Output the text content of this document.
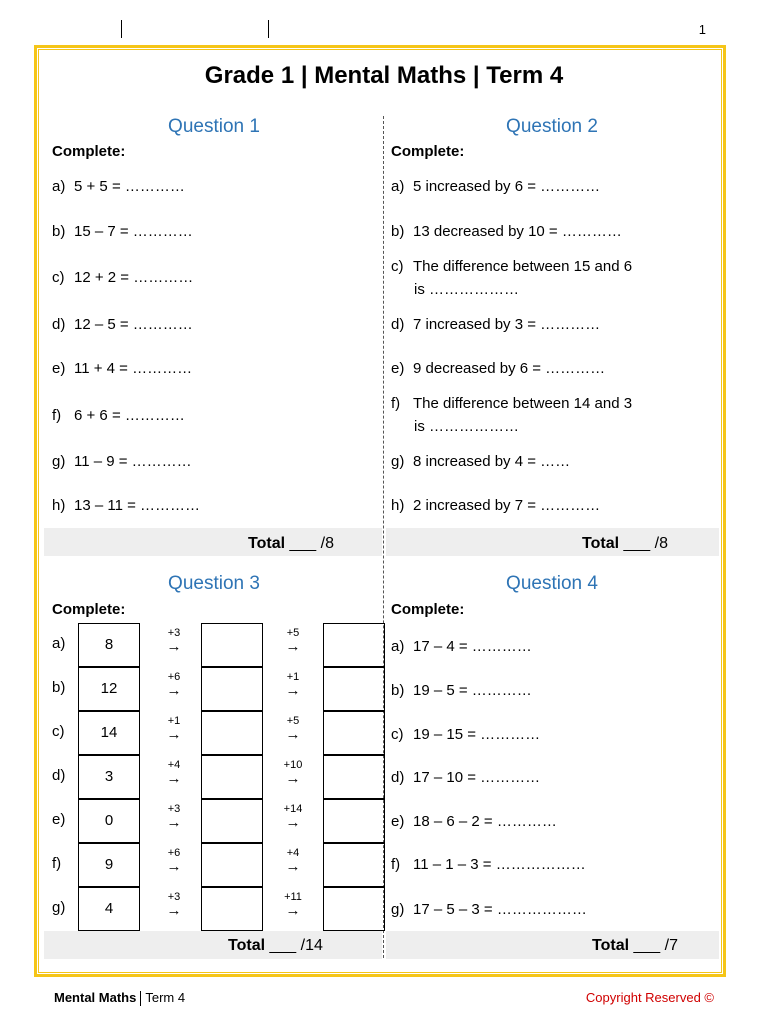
1
Grade 1 | Mental Maths | Term 4
Question 1
Complete:
a) 5 + 5 = …………
b) 15 – 7 = …………
c) 12 + 2 = …………
d) 12 – 5 = …………
e) 11 + 4 = …………
f) 6 + 6 = …………
g) 11 – 9 = …………
h) 13 – 11 = …………
Total ___ /8
Question 2
Complete:
a) 5 increased by 6 = …………
b) 13 decreased by 10 = …………
c) The difference between 15 and 6
is ………………
d) 7 increased by 3 = …………
e) 9 decreased by 6 = …………
f) The difference between 14 and 3
is ………………
g) 8 increased by 4 = ……
h) 2 increased by 7 = …………
Total ___ /8
Question 3
Complete:
a)	8
+3
→
+5
→
b)	12
+6
→
+1
→
c)	14
+1
→
+5
→
d)	3
+4
→
+10
→
e)	0
+3
→
+14
→
f)	9
+6
→
+4
→
g)	4
+3
→
+11
→
Total ___ /14
Question 4
Complete:
a) 17 – 4 = …………
b) 19 – 5 = …………
c) 19 – 15 = …………
d) 17 – 10 = …………
e) 18 – 6 – 2 = …………
f) 11 – 1 – 3 = ………………
g) 17 – 5 – 3 = ………………
Total ___ /7
Mental Maths Term 4	Copyright Reserved ©
